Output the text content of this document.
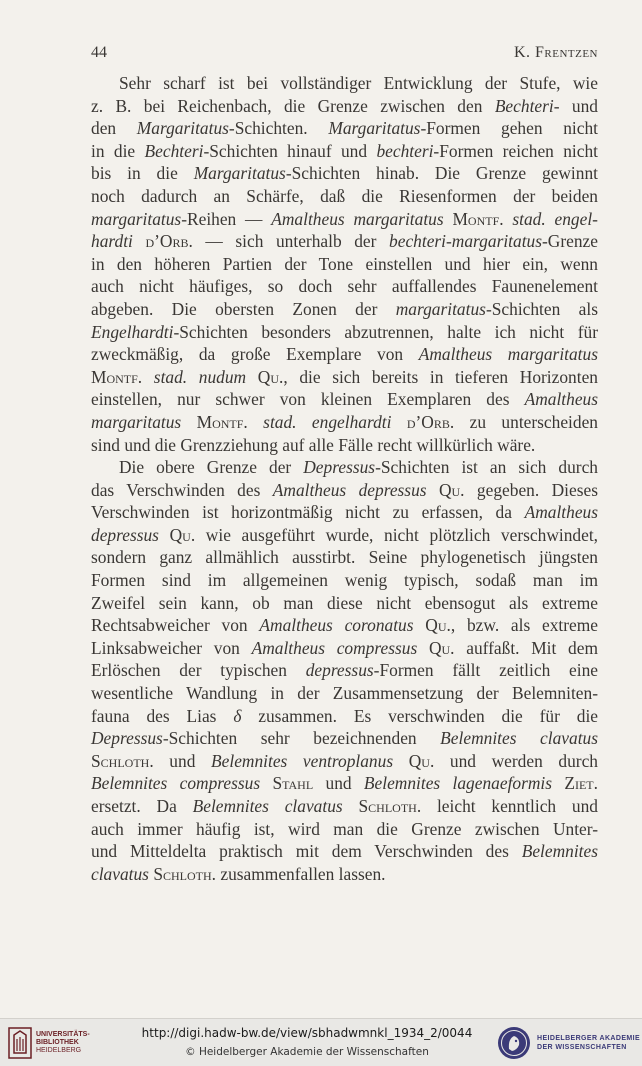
44	K. Frentzen
Sehr scharf ist bei vollständiger Entwicklung der Stufe, wie
z. B. bei Reichenbach, die Grenze zwischen den Bechteri- und
den Margaritatus-Schichten. Margaritatus-Formen gehen nicht
in die Bechteri-Schichten hinauf und bechteri-Formen reichen nicht
bis in die Margaritatus-Schichten hinab. Die Grenze gewinnt
noch dadurch an Schärfe, daß die Riesenformen der beiden
margaritatus-Reihen — Amaltheus margaritatus Montf. stad. engel-
hardti d’Orb. — sich unterhalb der bechteri-margaritatus-Grenze
in den höheren Partien der Tone einstellen und hier ein, wenn
auch nicht häufiges, so doch sehr auffallendes Faunenelement
abgeben. Die obersten Zonen der margaritatus-Schichten als
Engelhardti-Schichten besonders abzutrennen, halte ich nicht für
zweckmäßig, da große Exemplare von Amaltheus margaritatus
Montf. stad. nudum Qu., die sich bereits in tieferen Horizonten
einstellen, nur schwer von kleinen Exemplaren des Amaltheus
margaritatus Montf. stad. engelhardti d’Orb. zu unterscheiden
sind und die Grenzziehung auf alle Fälle recht willkürlich wäre.
Die obere Grenze der Depressus-Schichten ist an sich durch
das Verschwinden des Amaltheus depressus Qu. gegeben. Dieses
Verschwinden ist horizontmäßig nicht zu erfassen, da Amaltheus
depressus Qu. wie ausgeführt wurde, nicht plötzlich verschwindet,
sondern ganz allmählich ausstirbt. Seine phylogenetisch jüngsten
Formen sind im allgemeinen wenig typisch, sodaß man im
Zweifel sein kann, ob man diese nicht ebensogut als extreme
Rechtsabweicher von Amaltheus coronatus Qu., bzw. als extreme
Linksabweicher von Amaltheus compressus Qu. auffaßt. Mit dem
Erlöschen der typischen depressus-Formen fällt zeitlich eine
wesentliche Wandlung in der Zusammensetzung der Belemniten-
fauna des Lias δ zusammen. Es verschwinden die für die
Depressus-Schichten sehr bezeichnenden Belemnites clavatus
Schloth. und Belemnites ventroplanus Qu. und werden durch
Belemnites compressus Stahl und Belemnites lagenaeformis Ziet.
ersetzt. Da Belemnites clavatus Schloth. leicht kenntlich und
auch immer häufig ist, wird man die Grenze zwischen Unter-
und Mitteldelta praktisch mit dem Verschwinden des Belemnites
clavatus Schloth. zusammenfallen lassen.
UNIVERSITÄTS-
BIBLIOTHEK
HEIDELBERG
http://digi.hadw-bw.de/view/sbhadwmnkl_1934_2/0044
© Heidelberger Akademie der Wissenschaften
HEIDELBERGER AKADEMIE
DER WISSENSCHAFTEN
